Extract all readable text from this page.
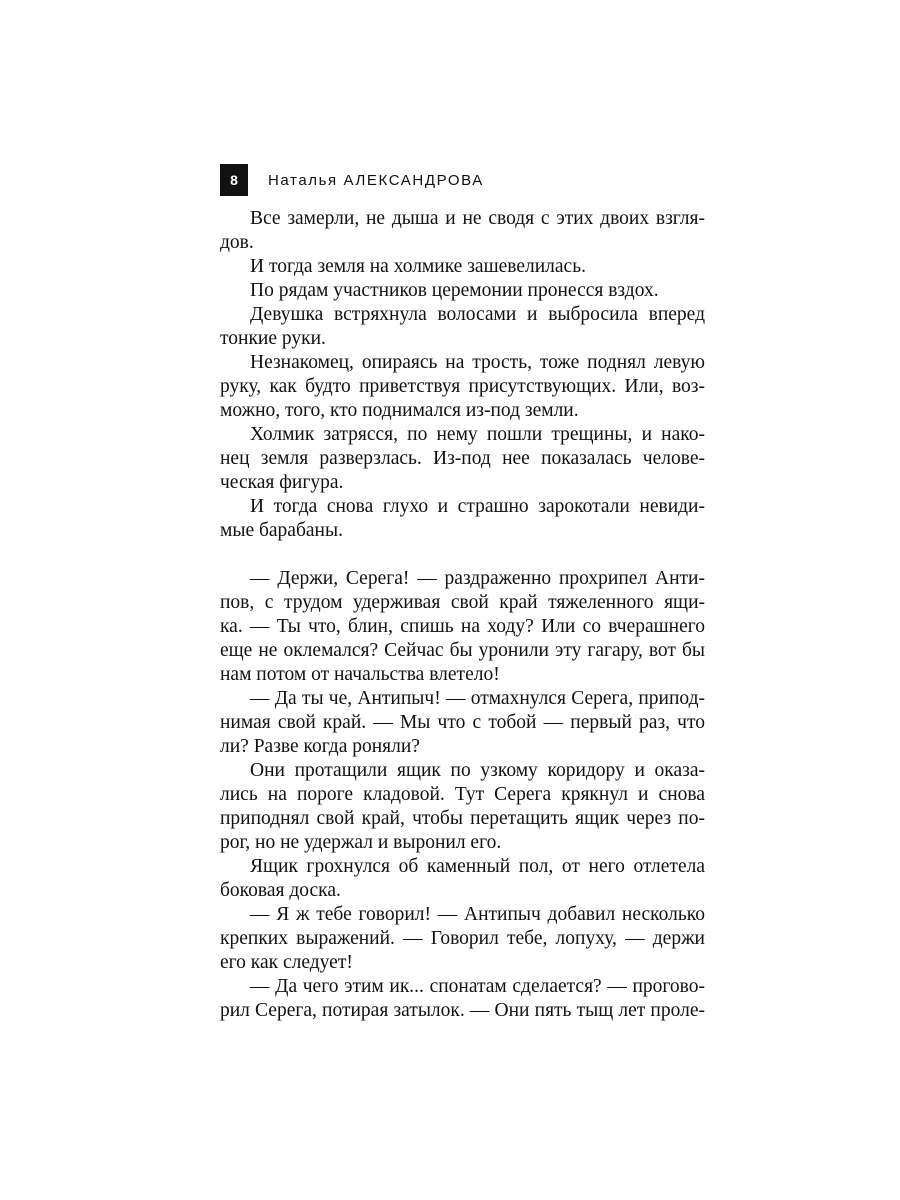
8	Наталья АЛЕКСАНДРОВА
Все замерли, не дыша и не сводя с этих двоих взгля-
дов.
И тогда земля на холмике зашевелилась.
По рядам участников церемонии пронесся вздох.
Девушка встряхнула волосами и выбросила вперед
тонкие руки.
Незнакомец, опираясь на трость, тоже поднял левую
руку, как будто приветствуя присутствующих. Или, воз-
можно, того, кто поднимался из-под земли.
Холмик затрясся, по нему пошли трещины, и нако-
нец земля разверзлась. Из-под нее показалась челове-
ческая фигура.
И тогда снова глухо и страшно зарокотали невиди-
мые барабаны.
— Держи, Серега! — раздраженно прохрипел Анти-
пов, с трудом удерживая свой край тяжеленного ящи-
ка. — Ты что, блин, спишь на ходу? Или со вчерашнего
еще не оклемался? Сейчас бы уронили эту гагару, вот бы
нам потом от начальства влетело!
— Да ты че, Антипыч! — отмахнулся Серега, припод-
нимая свой край. — Мы что с тобой — первый раз, что
ли? Разве когда роняли?
Они протащили ящик по узкому коридору и оказа-
лись на пороге кладовой. Тут Серега крякнул и снова
приподнял свой край, чтобы перетащить ящик через по-
рог, но не удержал и выронил его.
Ящик грохнулся об каменный пол, от него отлетела
боковая доска.
— Я ж тебе говорил! — Антипыч добавил несколько
крепких выражений. — Говорил тебе, лопуху, — держи
его как следует!
— Да чего этим ик... спонатам сделается? — прогово-
рил Серега, потирая затылок. — Они пять тыщ лет проле-
